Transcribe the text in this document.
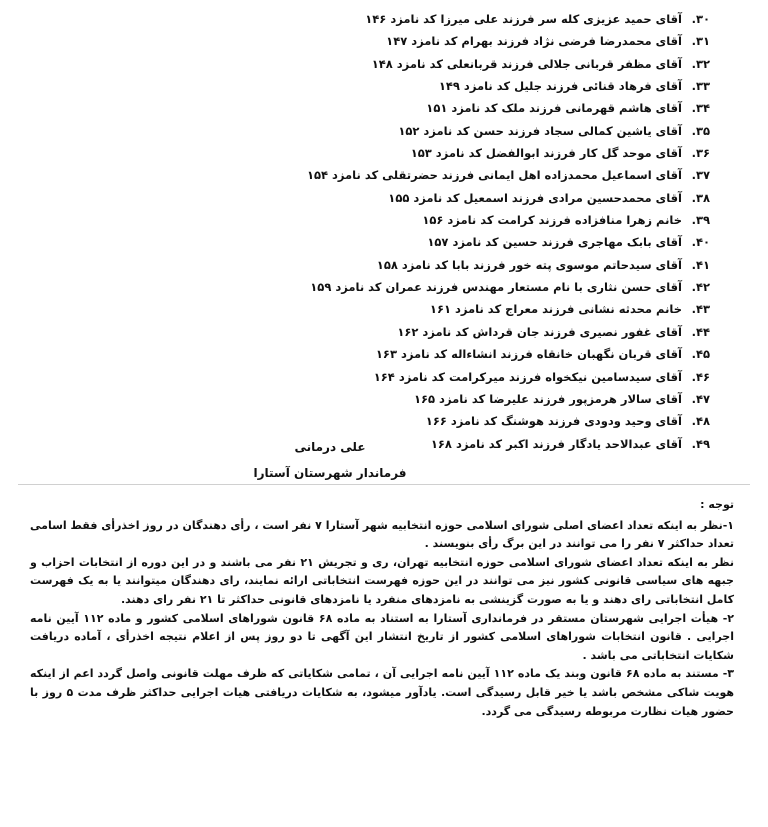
۳۰.
آقای حمید عزیزی کله سر فرزند علی میرزا کد نامزد ۱۴۶
۳۱.
آقای محمدرضا فرضی نژاد فرزند بهرام کد نامزد ۱۴۷
۳۲.
آقای مظفر قربانی جلالی فرزند قربانعلی کد نامزد ۱۴۸
۳۳.
آقای فرهاد قنائی فرزند جلیل کد نامزد ۱۴۹
۳۴.
آقای هاشم قهرمانی فرزند ملک کد نامزد ۱۵۱
۳۵.
آقای یاشین کمالی سجاد فرزند حسن کد نامزد ۱۵۲
۳۶.
آقای موحد گل کار فرزند ابوالفضل کد نامزد ۱۵۳
۳۷.
آقای اسماعیل محمدزاده اهل ایمانی فرزند حضرتقلی کد نامزد ۱۵۴
۳۸.
آقای محمدحسین مرادی فرزند اسمعیل کد نامزد ۱۵۵
۳۹.
خانم زهرا منافزاده فرزند کرامت کد نامزد ۱۵۶
۴۰.
آقای بابک مهاجری فرزند حسین کد نامزد ۱۵۷
۴۱.
آقای سیدحاتم موسوی پته خور فرزند بابا کد نامزد ۱۵۸
۴۲.
آقای حسن نثاری با نام مستعار مهندس فرزند عمران کد نامزد ۱۵۹
۴۳.
خانم محدثه نشانی فرزند معراج کد نامزد ۱۶۱
۴۴.
آقای غفور نصیری فرزند جان قرداش کد نامزد ۱۶۲
۴۵.
آقای قربان نگهبان خانقاه فرزند انشاءاله کد نامزد ۱۶۳
۴۶.
آقای سیدسامین نیکخواه فرزند میرکرامت کد نامزد ۱۶۴
۴۷.
آقای سالار هرمزپور فرزند علیرضا کد نامزد ۱۶۵
۴۸.
آقای وحید ودودی فرزند هوشنگ کد نامزد ۱۶۶
۴۹.
آقای عبدالاحد یادگار فرزند اکبر کد نامزد ۱۶۸
علی درمانی
فرماندار شهرستان آستارا

توجه :

۱-نظر به اینکه تعداد اعضای اصلی شورای اسلامی حوزه انتخابیه شهر آستارا ۷ نفر است ، رأی دهندگان در روز اخذرأی فقط اسامی تعداد حداکثر ۷ نفر را می توانند در این برگ رأی بنویسند .

نظر به اینکه تعداد اعضای شورای اسلامی حوزه انتخابیه تهران، ری و تجریش ۲۱ نفر می باشند و در این دوره از انتخابات احزاب و جبهه های سیاسی قانونی کشور نیز می توانند در این حوزه فهرست انتخاباتی ارائه نمایند، رای دهندگان میتوانند یا به یک فهرست کامل انتخاباتی رای دهند و یا به صورت گزینشی به نامزدهای منفرد یا نامزدهای قانونی حداکثر تا ۲۱ نفر رای دهند.

۲- هیأت اجرایی شهرستان مستقر در فرمانداری آستارا به استناد به ماده ۶۸ قانون شوراهای اسلامی کشور و ماده ۱۱۲ آیین نامه اجرایی . قانون انتخابات شوراهای اسلامی کشور از تاریخ انتشار این آگهی تا دو روز پس از اعلام نتیجه اخذرأی ، آماده دریافت شکایات انتخاباتی می باشد .

۳- مستند به ماده ۶۸ قانون وبند یک ماده ۱۱۲ آیین نامه اجرایی آن ، تمامی شکایاتی که ظرف مهلت قانونی واصل گردد اعم از اینکه هویت شاکی مشخص باشد یا خیر قابل رسیدگی است. یادآور میشود، به شکایات دریافتی هیات اجرایی حداکثر ظرف مدت ۵ روز با حضور هیات نظارت مربوطه رسیدگی می گردد.
